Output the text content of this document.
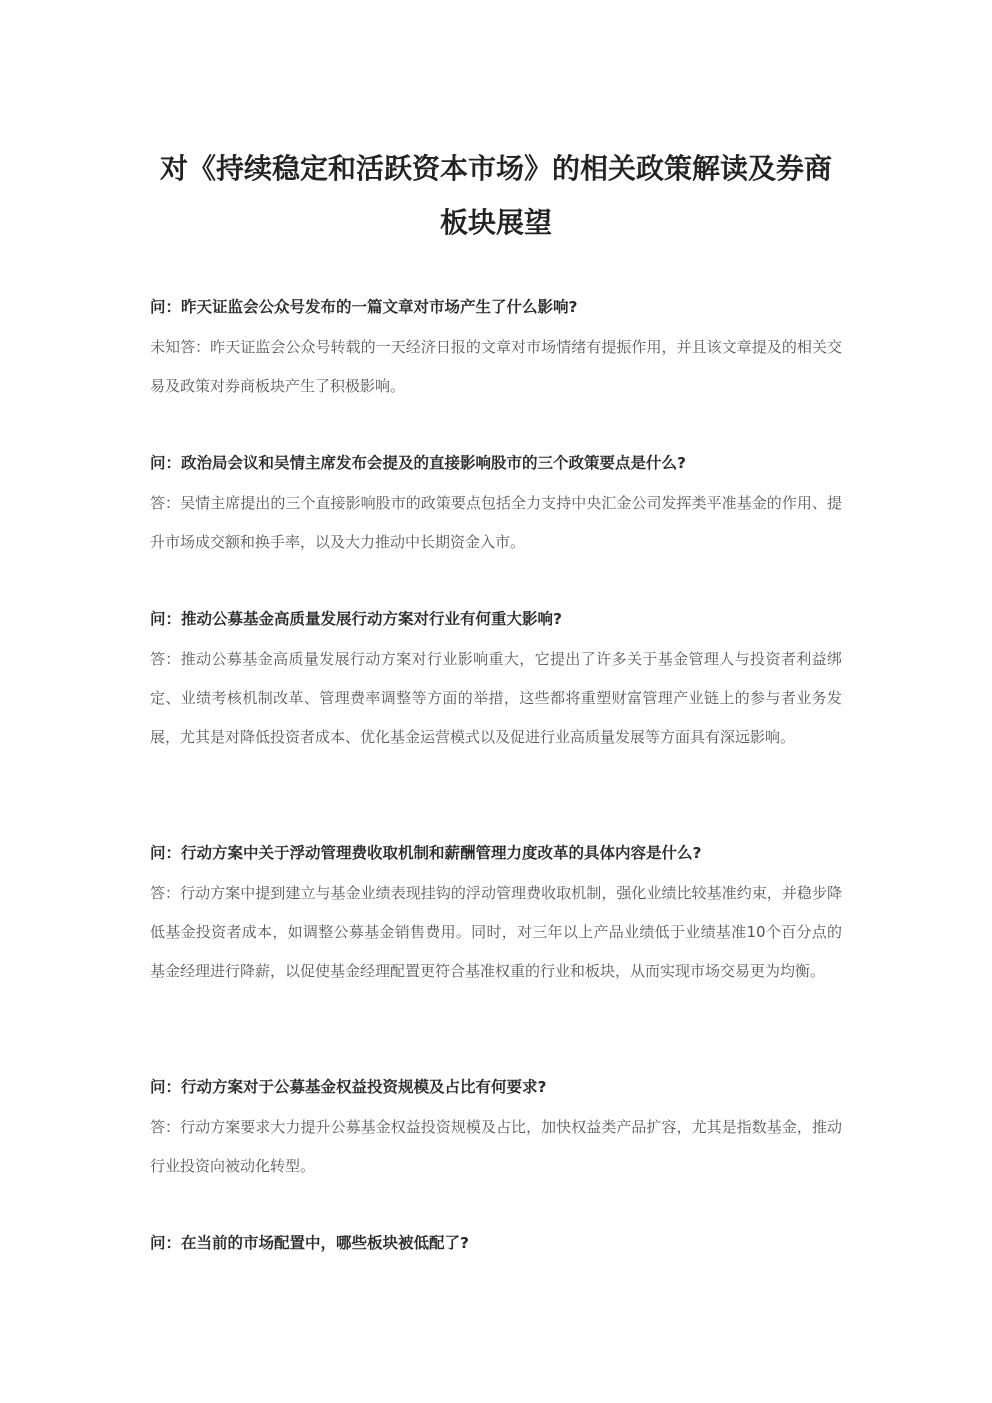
对《持续稳定和活跃资本市场》的相关政策解读及券商板块展望

问：昨天证监会公众号发布的一篇文章对市场产生了什么影响?

未知答：昨天证监会公众号转载的一天经济日报的文章对市场情绪有提振作用，并且该文章提及的相关交易及政策对券商板块产生了积极影响。

问：政治局会议和吴情主席发布会提及的直接影响股市的三个政策要点是什么?

答：吴情主席提出的三个直接影响股市的政策要点包括全力支持中央汇金公司发挥类平准基金的作用、提升市场成交额和换手率，以及大力推动中长期资金入市。

问：推动公募基金高质量发展行动方案对行业有何重大影响?

答：推动公募基金高质量发展行动方案对行业影响重大，它提出了许多关于基金管理人与投资者利益绑定、业绩考核机制改革、管理费率调整等方面的举措，这些都将重塑财富管理产业链上的参与者业务发展，尤其是对降低投资者成本、优化基金运营模式以及促进行业高质量发展等方面具有深远影响。

问：行动方案中关于浮动管理费收取机制和薪酬管理力度改革的具体内容是什么?

答：行动方案中提到建立与基金业绩表现挂钩的浮动管理费收取机制，强化业绩比较基准约束，并稳步降低基金投资者成本，如调整公募基金销售费用。同时，对三年以上产品业绩低于业绩基准10个百分点的基金经理进行降薪，以促使基金经理配置更符合基准权重的行业和板块，从而实现市场交易更为均衡。

问：行动方案对于公募基金权益投资规模及占比有何要求?

答：行动方案要求大力提升公募基金权益投资规模及占比，加快权益类产品扩容，尤其是指数基金，推动行业投资向被动化转型。

问：在当前的市场配置中，哪些板块被低配了?
